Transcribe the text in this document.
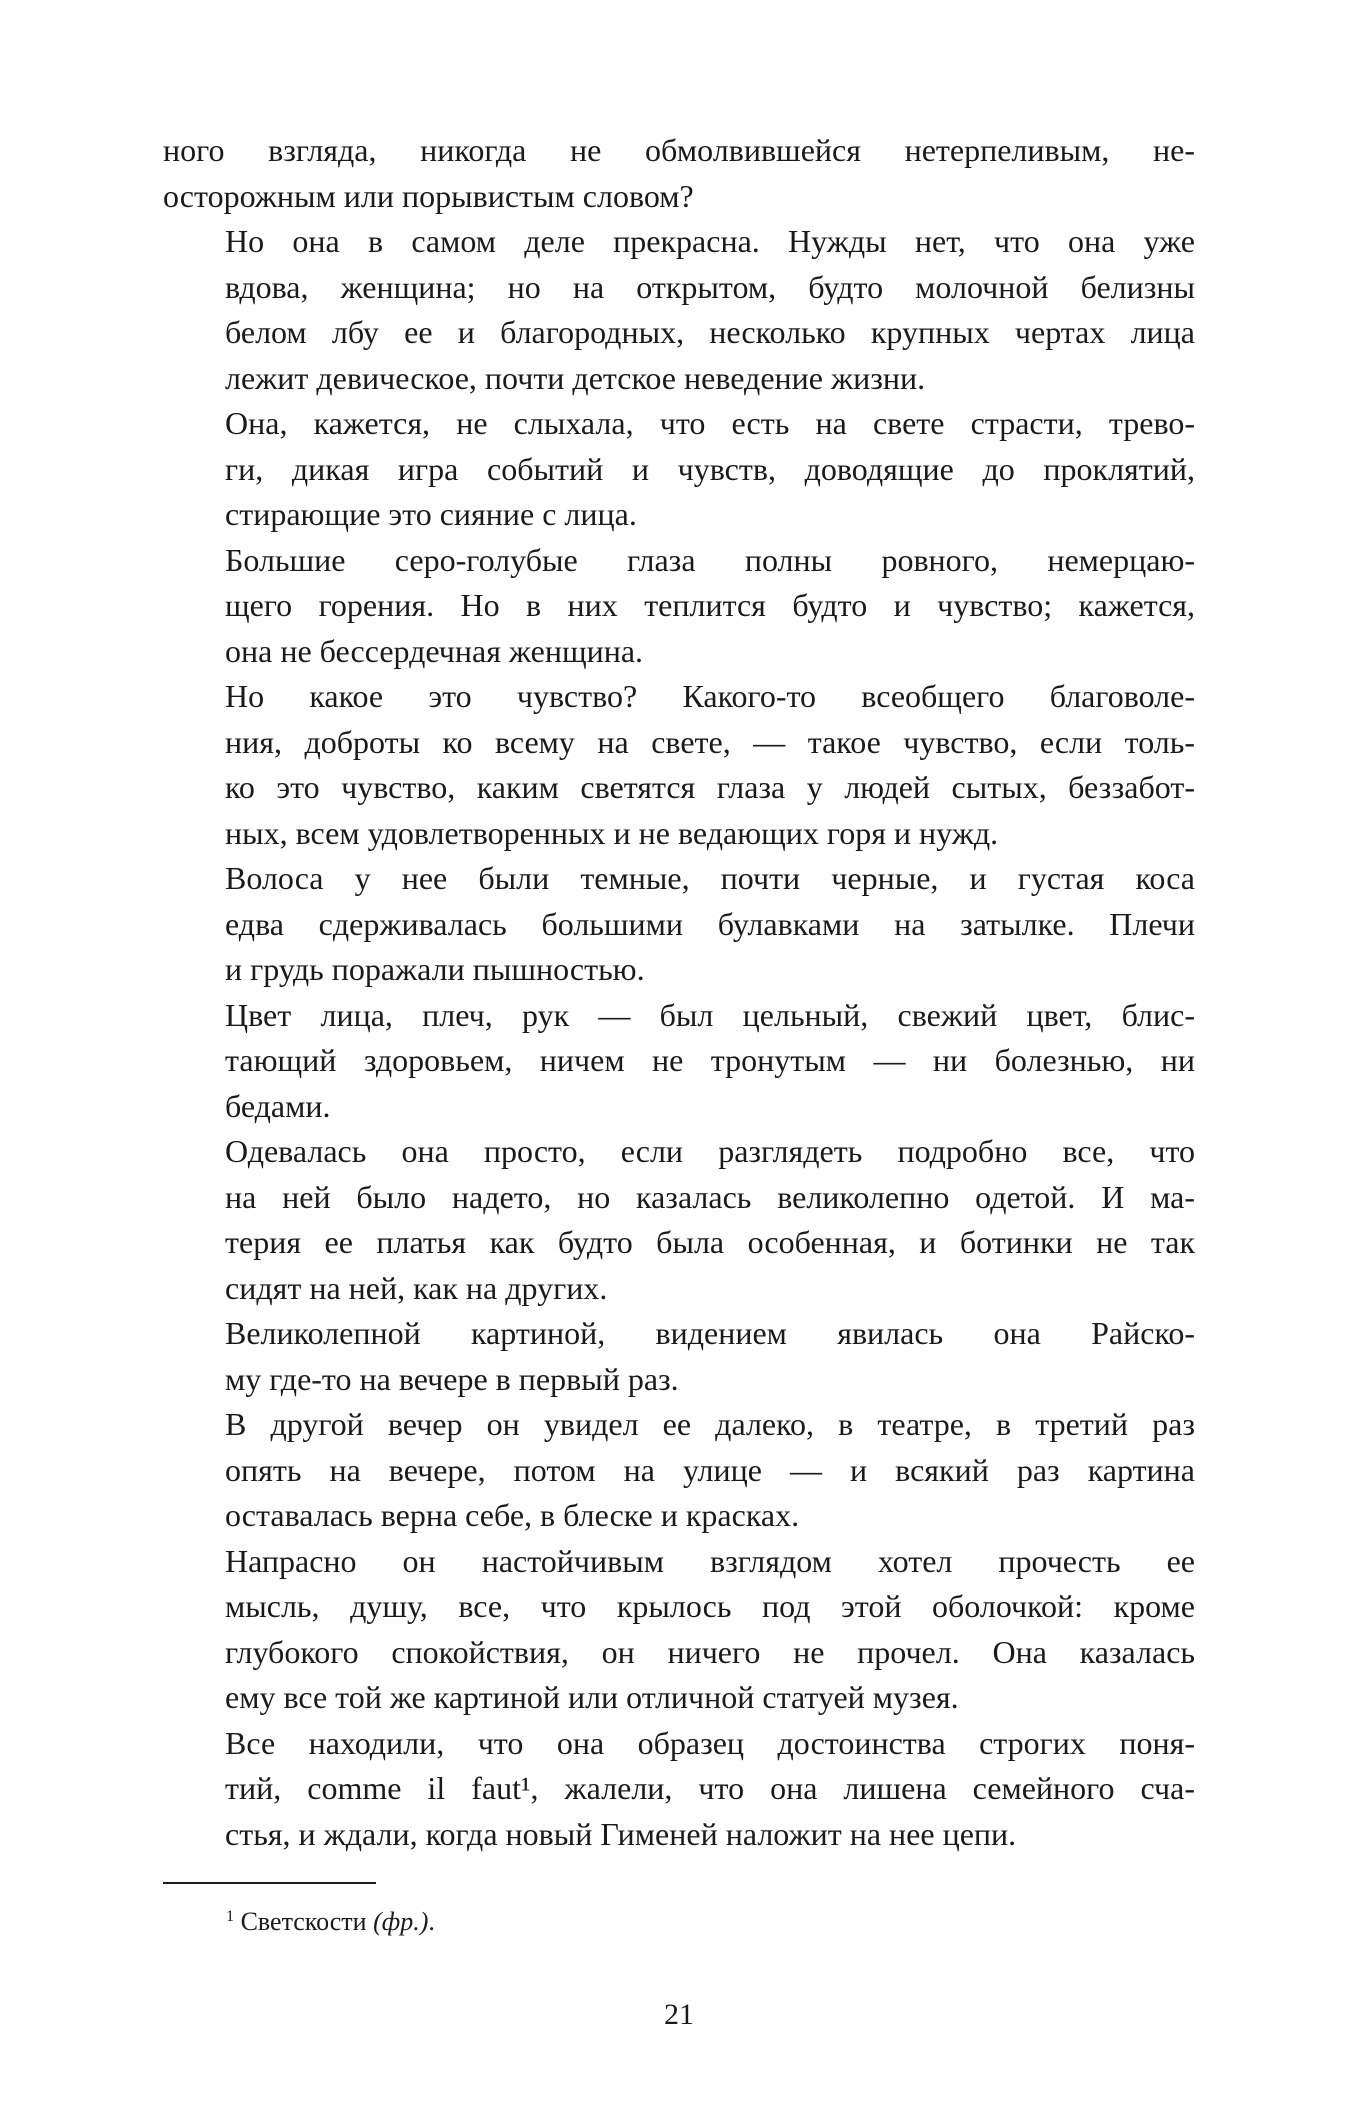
ного взгляда, никогда не обмолвившейся нетерпеливым, не-
осторожным или порывистым словом?
Но она в самом деле прекрасна. Нужды нет, что она уже
вдова, женщина; но на открытом, будто молочной белизны
белом лбу ее и благородных, несколько крупных чертах лица
лежит девическое, почти детское неведение жизни.
Она, кажется, не слыхала, что есть на свете страсти, трево-
ги, дикая игра событий и чувств, доводящие до проклятий,
стирающие это сияние с лица.
Большие серо-голубые глаза полны ровного, немерцаю-
щего горения. Но в них теплится будто и чувство; кажется,
она не бессердечная женщина.
Но какое это чувство? Какого-то всеобщего благоволе-
ния, доброты ко всему на свете, — такое чувство, если толь-
ко это чувство, каким светятся глаза у людей сытых, беззабот-
ных, всем удовлетворенных и не ведающих горя и нужд.
Волоса у нее были темные, почти черные, и густая коса
едва сдерживалась большими булавками на затылке. Плечи
и грудь поражали пышностью.
Цвет лица, плеч, рук — был цельный, свежий цвет, блис-
тающий здоровьем, ничем не тронутым — ни болезнью, ни
бедами.
Одевалась она просто, если разглядеть подробно все, что
на ней было надето, но казалась великолепно одетой. И ма-
терия ее платья как будто была особенная, и ботинки не так
сидят на ней, как на других.
Великолепной картиной, видением явилась она Райско-
му где-то на вечере в первый раз.
В другой вечер он увидел ее далеко, в театре, в третий раз
опять на вечере, потом на улице — и всякий раз картина
оставалась верна себе, в блеске и красках.
Напрасно он настойчивым взглядом хотел прочесть ее
мысль, душу, все, что крылось под этой оболочкой: кроме
глубокого спокойствия, он ничего не прочел. Она казалась
ему все той же картиной или отличной статуей музея.
Все находили, что она образец достоинства строгих поня-
тий, comme il faut¹, жалели, что она лишена семейного сча-
стья, и ждали, когда новый Гименей наложит на нее цепи.
$^1$ Светскости (фр.).
21
